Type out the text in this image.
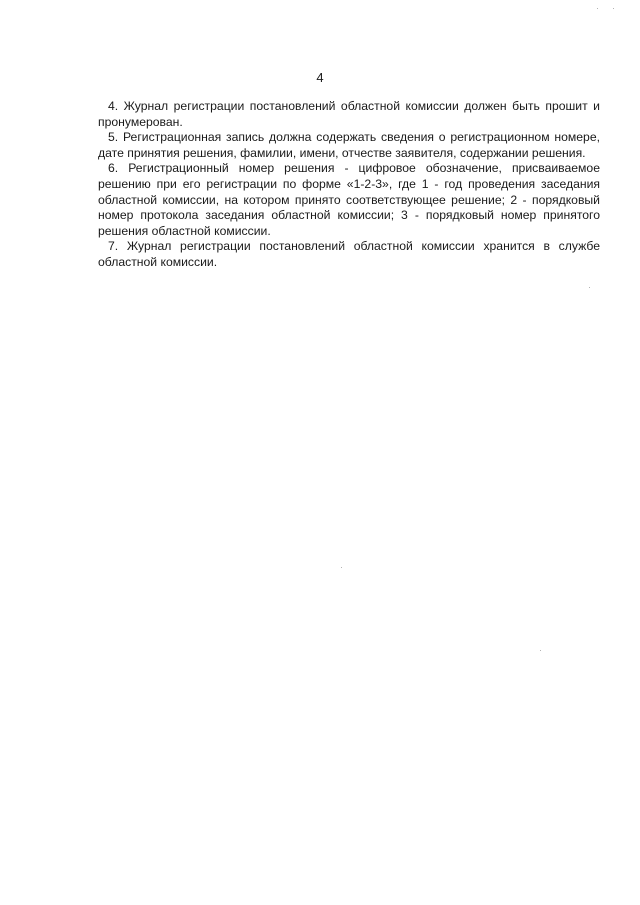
4

4. Журнал регистрации постановлений областной комиссии должен быть прошит и пронумерован.

5. Регистрационная запись должна содержать сведения о регистрационном номере, дате принятия решения, фамилии, имени, отчестве заявителя, содержании решения.

6. Регистрационный номер решения - цифровое обозначение, присваиваемое решению при его регистрации по форме «1-2-3», где 1 - год проведения заседания областной комиссии, на котором принято соответствующее решение; 2 - порядковый номер протокола заседания областной комиссии; 3 - порядковый номер принятого решения областной комиссии.

7. Журнал регистрации постановлений областной комиссии хранится в службе областной комиссии.
